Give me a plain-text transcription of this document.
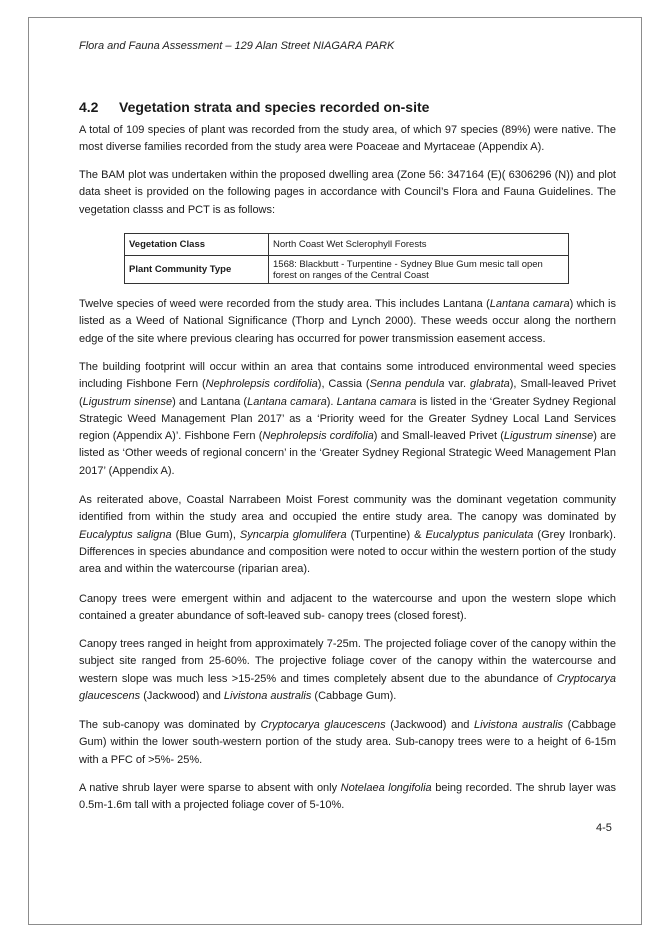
Flora and Fauna Assessment – 129 Alan Street NIAGARA PARK
4.2 Vegetation strata and species recorded on-site

A total of 109 species of plant was recorded from the study area, of which 97 species (89%) were native. The most diverse families recorded from the study area were Poaceae and Myrtaceae (Appendix A).

The BAM plot was undertaken within the proposed dwelling area (Zone 56: 347164 (E)( 6306296 (N)) and plot data sheet is provided on the following pages in accordance with Council’s Flora and Fauna Guidelines. The vegetation classs and PCT is as follows:

Vegetation Class	North Coast Wet Sclerophyll Forests
Plant Community Type	1568: Blackbutt - Turpentine - Sydney Blue Gum mesic tall open forest on ranges of the Central Coast

Twelve species of weed were recorded from the study area. This includes Lantana (Lantana camara) which is listed as a Weed of National Significance (Thorp and Lynch 2000). These weeds occur along the northern edge of the site where previous clearing has occurred for power transmission easement access.

The building footprint will occur within an area that contains some introduced environmental weed species including Fishbone Fern (Nephrolepsis cordifolia), Cassia (Senna pendula var. glabrata), Small-leaved Privet (Ligustrum sinense) and Lantana (Lantana camara). Lantana camara is listed in the ‘Greater Sydney Regional Strategic Weed Management Plan 2017’ as a ‘Priority weed for the Greater Sydney Local Land Services region (Appendix A)’. Fishbone Fern (Nephrolepsis cordifolia) and Small-leaved Privet (Ligustrum sinense) are listed as ‘Other weeds of regional concern’ in the ‘Greater Sydney Regional Strategic Weed Management Plan 2017’ (Appendix A).

As reiterated above, Coastal Narrabeen Moist Forest community was the dominant vegetation community identified from within the study area and occupied the entire study area. The canopy was dominated by Eucalyptus saligna (Blue Gum), Syncarpia glomulifera (Turpentine) & Eucalyptus paniculata (Grey Ironbark). Differences in species abundance and composition were noted to occur within the western portion of the study area and within the watercourse (riparian area).

Canopy trees were emergent within and adjacent to the watercourse and upon the western slope which contained a greater abundance of soft-leaved sub- canopy trees (closed forest).

Canopy trees ranged in height from approximately 7-25m. The projected foliage cover of the canopy within the subject site ranged from 25-60%. The projective foliage cover of the canopy within the watercourse and western slope was much less >15-25% and times completely absent due to the abundance of Cryptocarya glaucescens (Jackwood) and Livistona australis (Cabbage Gum).

The sub-canopy was dominated by Cryptocarya glaucescens (Jackwood) and Livistona australis (Cabbage Gum) within the lower south-western portion of the study area. Sub-canopy trees were to a height of 6-15m with a PFC of >5%- 25%.

A native shrub layer were sparse to absent with only Notelaea longifolia being recorded. The shrub layer was 0.5m-1.6m tall with a projected foliage cover of 5-10%.

4-5
